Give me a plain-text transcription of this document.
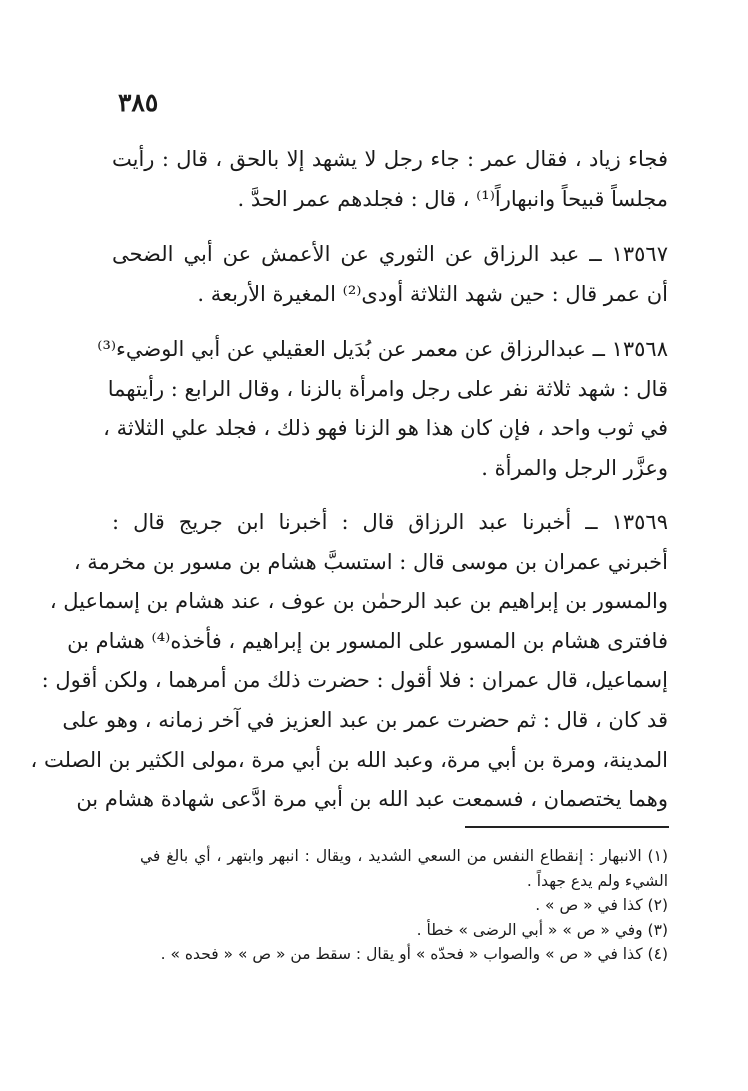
٣٨٥
فجاء زياد ، فقال عمر : جاء رجل لا يشهد إلا بالحق ، قال : رأيت
مجلساً قبيحاً وانبهاراً⁽¹⁾ ، قال : فجلدهم عمر الحدَّ .
١٣٥٦٧ ــ عبد الرزاق عن الثوري عن الأعمش عن أبي الضحى
أن عمر قال : حين شهد الثلاثة أودى⁽²⁾ المغيرة الأربعة .
١٣٥٦٨ ــ عبدالرزاق عن معمر عن بُدَيل العقيلي عن أبي الوضيء⁽³⁾
قال : شهد ثلاثة نفر على رجل وامرأة بالزنا ، وقال الرابع : رأيتهما
في ثوب واحد ، فإن كان هذا هو الزنا فهو ذلك ، فجلد علي الثلاثة ،
وعزَّر الرجل والمرأة .
١٣٥٦٩ ــ أخبرنا عبد الرزاق قال : أخبرنا ابن جريج قال :
أخبرني عمران بن موسى قال : استسبَّ هشام بن مسور بن مخرمة ،
والمسور بن إبراهيم بن عبد الرحمٰن بن عوف ، عند هشام بن إسماعيل ،
فافترى هشام بن المسور على المسور بن إبراهيم ، فأخذه⁽⁴⁾ هشام بن
إسماعيل، قال عمران : فلا أقول : حضرت ذلك من أمرهما ، ولكن أقول :
قد كان ، قال : ثم حضرت عمر بن عبد العزيز في آخر زمانه ، وهو على
المدينة، ومرة بن أبي مرة، وعبد الله بن أبي مرة ،مولى الكثير بن الصلت ،
وهما يختصمان ، فسمعت عبد الله بن أبي مرة ادَّعى شهادة هشام بن
(١) الانبهار : إنقطاع النفس من السعي الشديد ، ويقال : انبهر وابتهر ، أي بالغ في
الشيء ولم يدع جهداً .
(٢) كذا في « ص » .
(٣) وفي « ص » « أبي الرضى » خطأ .
(٤) كذا في « ص » والصواب « فحدّه » أو يقال : سقط من « ص » « فحده » .
